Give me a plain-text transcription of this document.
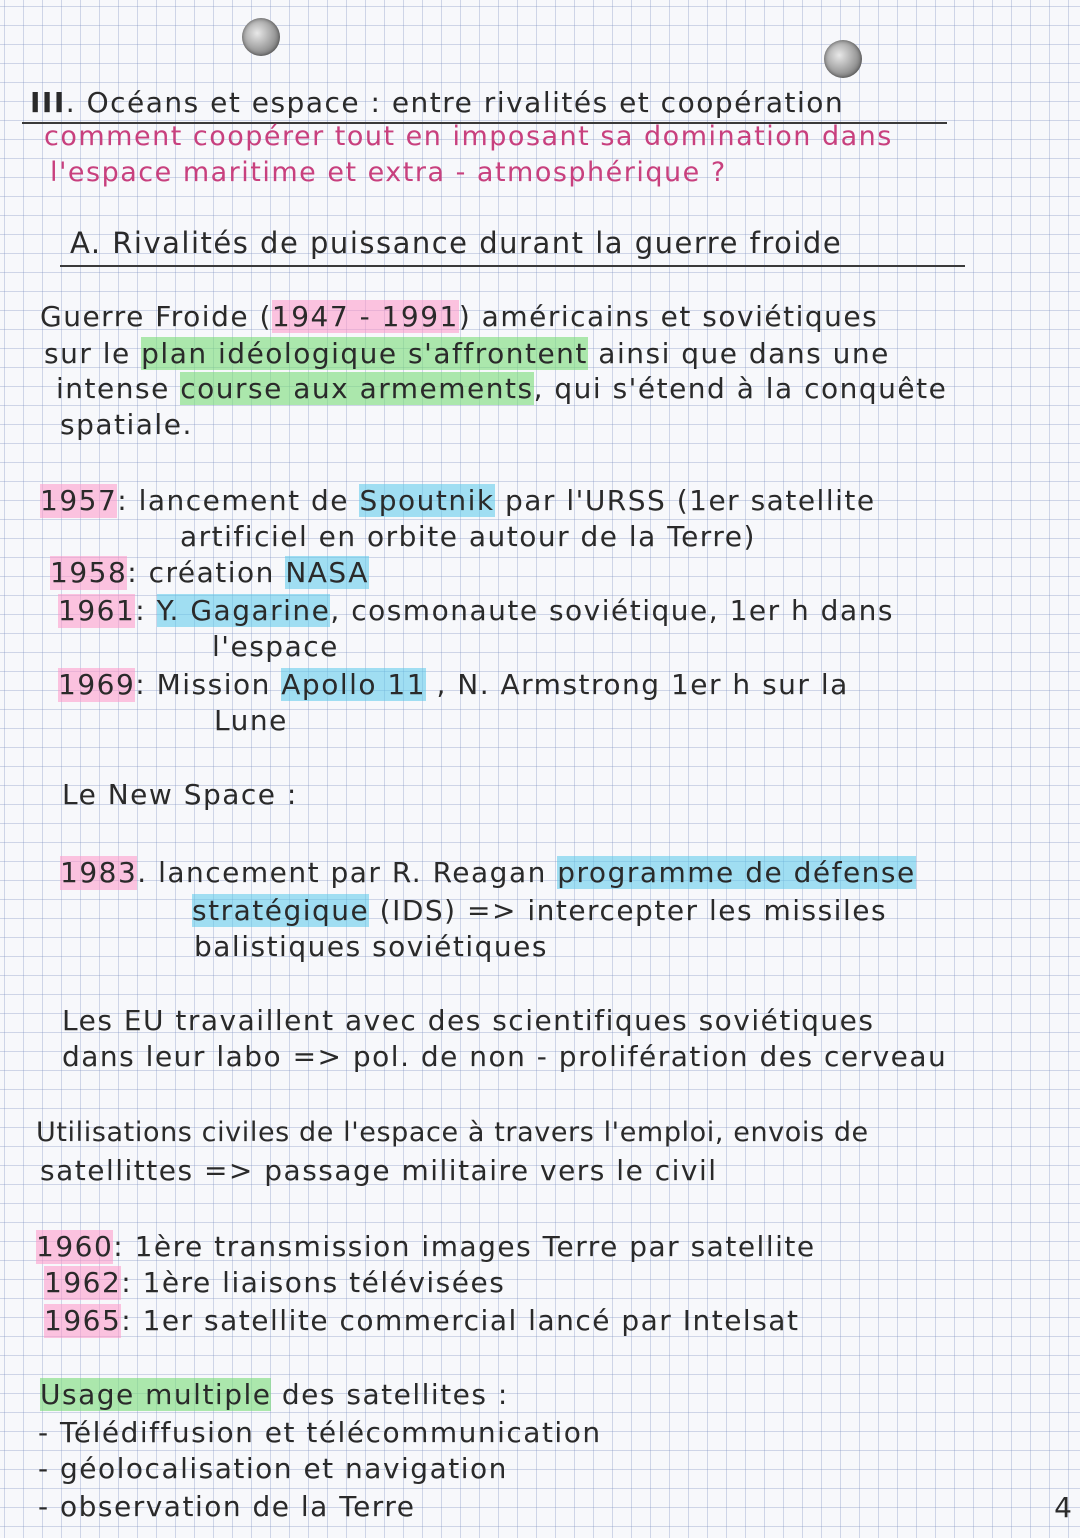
III. Océans et espace : entre rivalités et coopération
comment coopérer tout en imposant sa domination dans
l'espace maritime et extra - atmosphérique ?
A. Rivalités de puissance durant la guerre froide
Guerre Froide (1947 - 1991) américains et soviétiques
sur le plan idéologique s'affrontent ainsi que dans une
intense course aux armements, qui s'étend à la conquête
spatiale.
1957: lancement de Spoutnik par l'URSS (1er satellite
artificiel en orbite autour de la Terre)
1958: création NASA
1961: Y. Gagarine, cosmonaute soviétique, 1er h dans
l'espace
1969: Mission Apollo 11 , N. Armstrong 1er h sur la
Lune
Le New Space :
1983. lancement par R. Reagan programme de défense
stratégique (IDS) => intercepter les missiles
balistiques soviétiques
Les EU travaillent avec des scientifiques soviétiques
dans leur labo => pol. de non - prolifération des cerveau
Utilisations civiles de l'espace à travers l'emploi, envois de
satellittes => passage militaire vers le civil
1960: 1ère transmission images Terre par satellite
1962: 1ère liaisons télévisées
1965: 1er satellite commercial lancé par Intelsat
Usage multiple des satellites :
- Télédiffusion et télécommunication
- géolocalisation et navigation
- observation de la Terre	4
